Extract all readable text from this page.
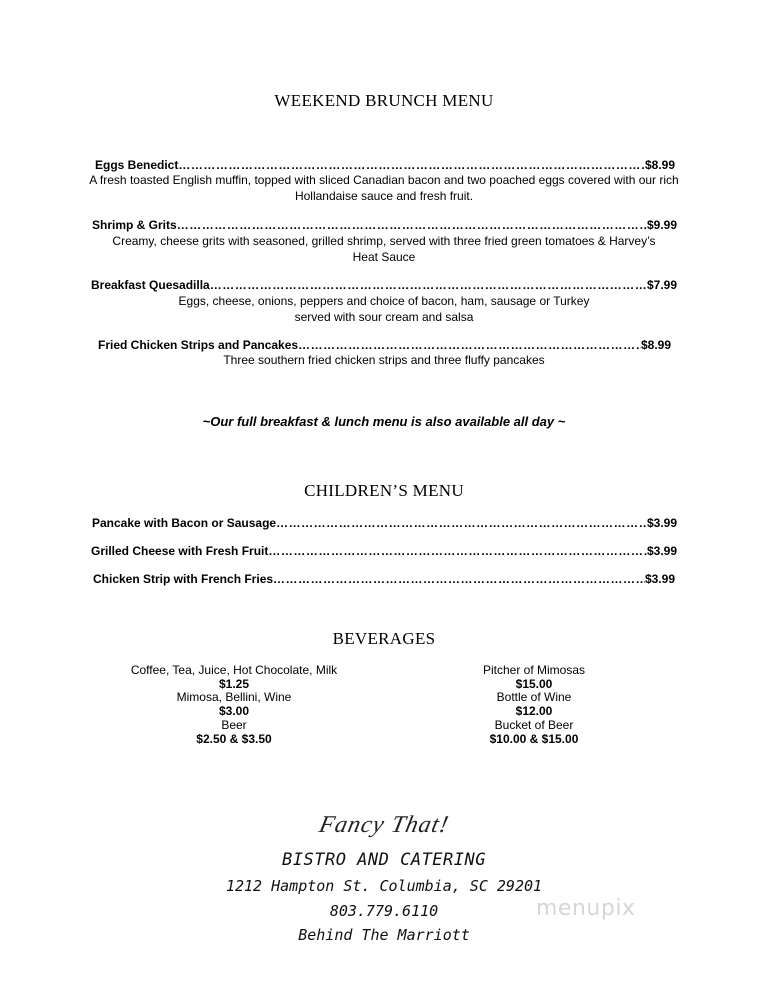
WEEKEND BRUNCH MENU
Eggs Benedict ……………………………………………………………………………………………………………………………………………………………………………………………………………………………………………………………………………	$8.99
A fresh toasted English muffin, topped with sliced Canadian bacon and two poached eggs covered with our rich
Hollandaise sauce and fresh fruit.
Shrimp & Grits ……………………………………………………………………………………………………………………………………………………………………………………………………………………………………………………………………………	$9.99
Creamy, cheese grits with seasoned, grilled shrimp, served with three fried green tomatoes & Harvey’s
Heat Sauce
Breakfast Quesadilla ……………………………………………………………………………………………………………………………………………………………………………………………………………………………………………………………………………	$7.99
Eggs, cheese, onions, peppers and choice of bacon, ham, sausage or Turkey
served with sour cream and salsa
Fried Chicken Strips and Pancakes ……………………………………………………………………………………………………………………………………………………………………………………………………………………………………………………………………………	$8.99
Three southern fried chicken strips and three fluffy pancakes
~Our full breakfast & lunch menu is also available all day ~
CHILDREN’S MENU
Pancake with Bacon or Sausage ……………………………………………………………………………………………………………………………………………………………………………………………………………………………………………………………………………	$3.99
Grilled Cheese with Fresh Fruit ……………………………………………………………………………………………………………………………………………………………………………………………………………………………………………………………………………	$3.99
Chicken Strip with French Fries ……………………………………………………………………………………………………………………………………………………………………………………………………………………………………………………………………………	$3.99
BEVERAGES
Coffee, Tea, Juice, Hot Chocolate, Milk
$1.25
Mimosa, Bellini, Wine
$3.00
Beer
$2.50 & $3.50
Pitcher of Mimosas
$15.00
Bottle of Wine
$12.00
Bucket of Beer
$10.00 & $15.00
Fancy That!
BISTRO AND CATERING
1212 Hampton St. Columbia, SC 29201
803.779.6110
Behind The Marriott
menupix
